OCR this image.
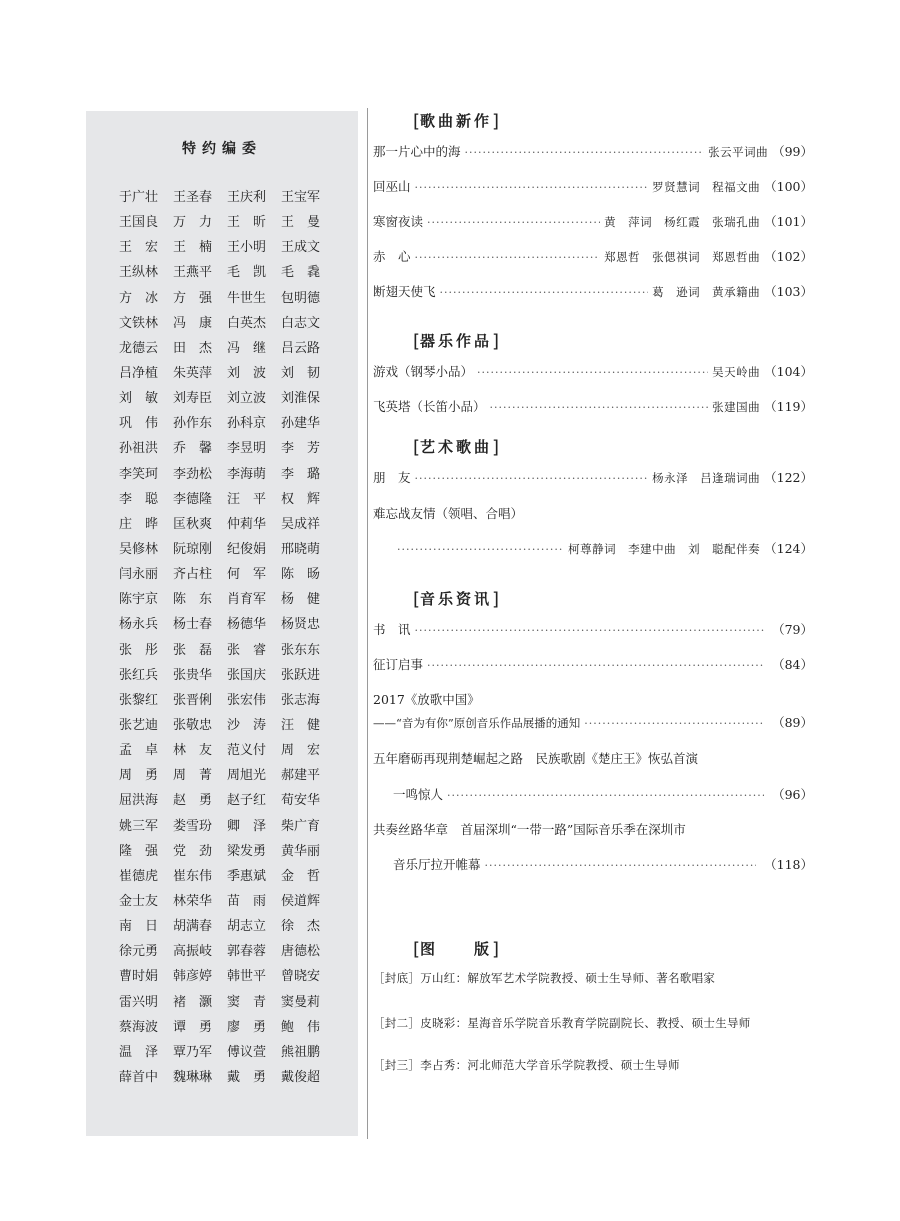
特约编委
于广壮	王圣春	王庆利	王宝军
王国良	万　力	王　昕	王　曼
王　宏	王　楠	王小明	王成文
王纵林	王燕平	毛　凯	毛　毳
方　冰	方　强	牛世生	包明德
文铁林	冯　康	白英杰	白志文
龙德云	田　杰	冯　继	吕云路
吕净植	朱英萍	刘　波	刘　韧
刘　敏	刘寿臣	刘立波	刘淮保
巩　伟	孙作东	孙科京	孙建华
孙祖洪	乔　馨	李昱明	李　芳
李笑珂	李劲松	李海萌	李　璐
李　聪	李德隆	汪　平	权　辉
庄　晔	匡秋爽	仲莉华	吴成祥
吴修林	阮琼刚	纪俊娟	邢晓萌
闫永丽	齐占柱	何　军	陈　旸
陈宇京	陈　东	肖育军	杨　健
杨永兵	杨士春	杨德华	杨贤忠
张　彤	张　磊	张　睿	张东东
张红兵	张贵华	张国庆	张跃进
张黎红	张晋俐	张宏伟	张志海
张艺迪	张敬忠	沙　涛	汪　健
孟　卓	林　友	范义付	周　宏
周　勇	周　菁	周旭光	郝建平
屈洪海	赵　勇	赵子红	荀安华
姚三军	娄雪玢	卿　泽	柴广育
隆　强	党　劲	梁发勇	黄华丽
崔德虎	崔东伟	季惠斌	金　哲
金士友	林荣华	苗　雨	侯道辉
南　日	胡满春	胡志立	徐　杰
徐元勇	高振岐	郭春蓉	唐德松
曹时娟	韩彦婷	韩世平	曾晓安
雷兴明	褚　灏	窦　青	窦曼莉
蔡海波	谭　勇	廖　勇	鲍　伟
温　泽	覃乃军	傅议萱	熊祖鹏
薛首中	魏琳琳	戴　勇	戴俊超
[歌曲新作]
那一片心中的海 ·····	张云平词曲 （99）
回巫山 ·····	罗贤慧词　程福文曲 （100）
寒窗夜读 ·····	黄　萍词　杨红霞　张瑞孔曲 （101）
赤　心 ·····	郑恩哲　张偲祺词　郑恩哲曲 （102）
断翅天使飞 ·····	葛　逊词　黄承籍曲 （103）
[器乐作品]
游戏（钢琴小品） ·····	吴天岭曲 （104）
飞英塔（长笛小品） ·····	张建国曲 （119）
[艺术歌曲]
朋　友 ·····	杨永泽　吕逢瑞词曲 （122）
难忘战友情（领唱、合唱）
·····
柯尊静词　李建中曲　刘　聪配伴奏 （124）
[音乐资讯]
书　讯 ·····	（79）
征订启事 ·····	（84）
2017《放歌中国》
——“音为有你”原创音乐作品展播的通知 ·····	（89）
五年磨砺再现荆楚崛起之路　民族歌剧《楚庄王》恢弘首演
一鸣惊人 ·····	（96）
共奏丝路华章　首届深圳“一带一路”国际音乐季在深圳市
音乐厅拉开帷幕 ·····	（118）
[图　　版]
［封底］万山红：解放军艺术学院教授、硕士生导师、著名歌唱家
［封二］皮晓彩：星海音乐学院音乐教育学院副院长、教授、硕士生导师
［封三］李占秀：河北师范大学音乐学院教授、硕士生导师
